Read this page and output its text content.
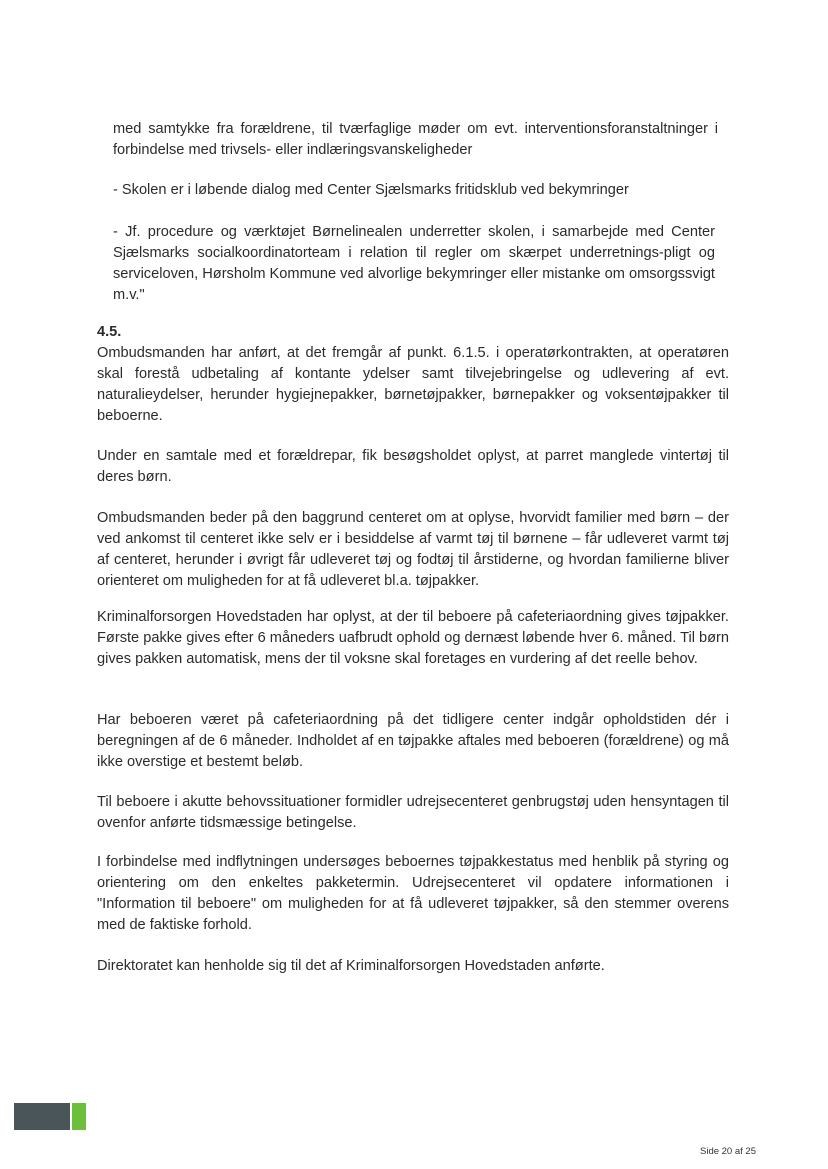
med samtykke fra forældrene, til tværfaglige møder om evt. interventionsforanstaltninger i forbindelse med trivsels- eller indlæringsvanskeligheder

- Skolen er i løbende dialog med Center Sjælsmarks fritidsklub ved bekymringer

- Jf. procedure og værktøjet Børnelinealen underretter skolen, i samarbejde med Center Sjælsmarks socialkoordinatorteam i relation til regler om skærpet underretnings-pligt og serviceloven, Hørsholm Kommune ved alvorlige bekymringer eller mistanke om omsorgssvigt m.v."

4.5.

Ombudsmanden har anført, at det fremgår af punkt. 6.1.5. i operatørkontrakten, at operatøren skal forestå udbetaling af kontante ydelser samt tilvejebringelse og udlevering af evt. naturalieydelser, herunder hygiejnepakker, børnetøjpakker, børnepakker og voksentøjpakker til beboerne.

Under en samtale med et forældrepar, fik besøgsholdet oplyst, at parret manglede vintertøj til deres børn.

Ombudsmanden beder på den baggrund centeret om at oplyse, hvorvidt familier med børn – der ved ankomst til centeret ikke selv er i besiddelse af varmt tøj til børnene – får udleveret varmt tøj af centeret, herunder i øvrigt får udleveret tøj og fodtøj til årstiderne, og hvordan familierne bliver orienteret om muligheden for at få udleveret bl.a. tøjpakker.

Kriminalforsorgen Hovedstaden har oplyst, at der til beboere på cafeteriaordning gives tøjpakker. Første pakke gives efter 6 måneders uafbrudt ophold og dernæst løbende hver 6. måned. Til børn gives pakken automatisk, mens der til voksne skal foretages en vurdering af det reelle behov.

Har beboeren været på cafeteriaordning på det tidligere center indgår opholdstiden dér i beregningen af de 6 måneder. Indholdet af en tøjpakke aftales med beboeren (forældrene) og må ikke overstige et bestemt beløb.

Til beboere i akutte behovssituationer formidler udrejsecenteret genbrugstøj uden hensyntagen til ovenfor anførte tidsmæssige betingelse.

I forbindelse med indflytningen undersøges beboernes tøjpakkestatus med henblik på styring og orientering om den enkeltes pakketermin. Udrejsecenteret vil opdatere informationen i "Information til beboere" om muligheden for at få udleveret tøjpakker, så den stemmer overens med de faktiske forhold.

Direktoratet kan henholde sig til det af Kriminalforsorgen Hovedstaden anførte.

Side 20 af 25
